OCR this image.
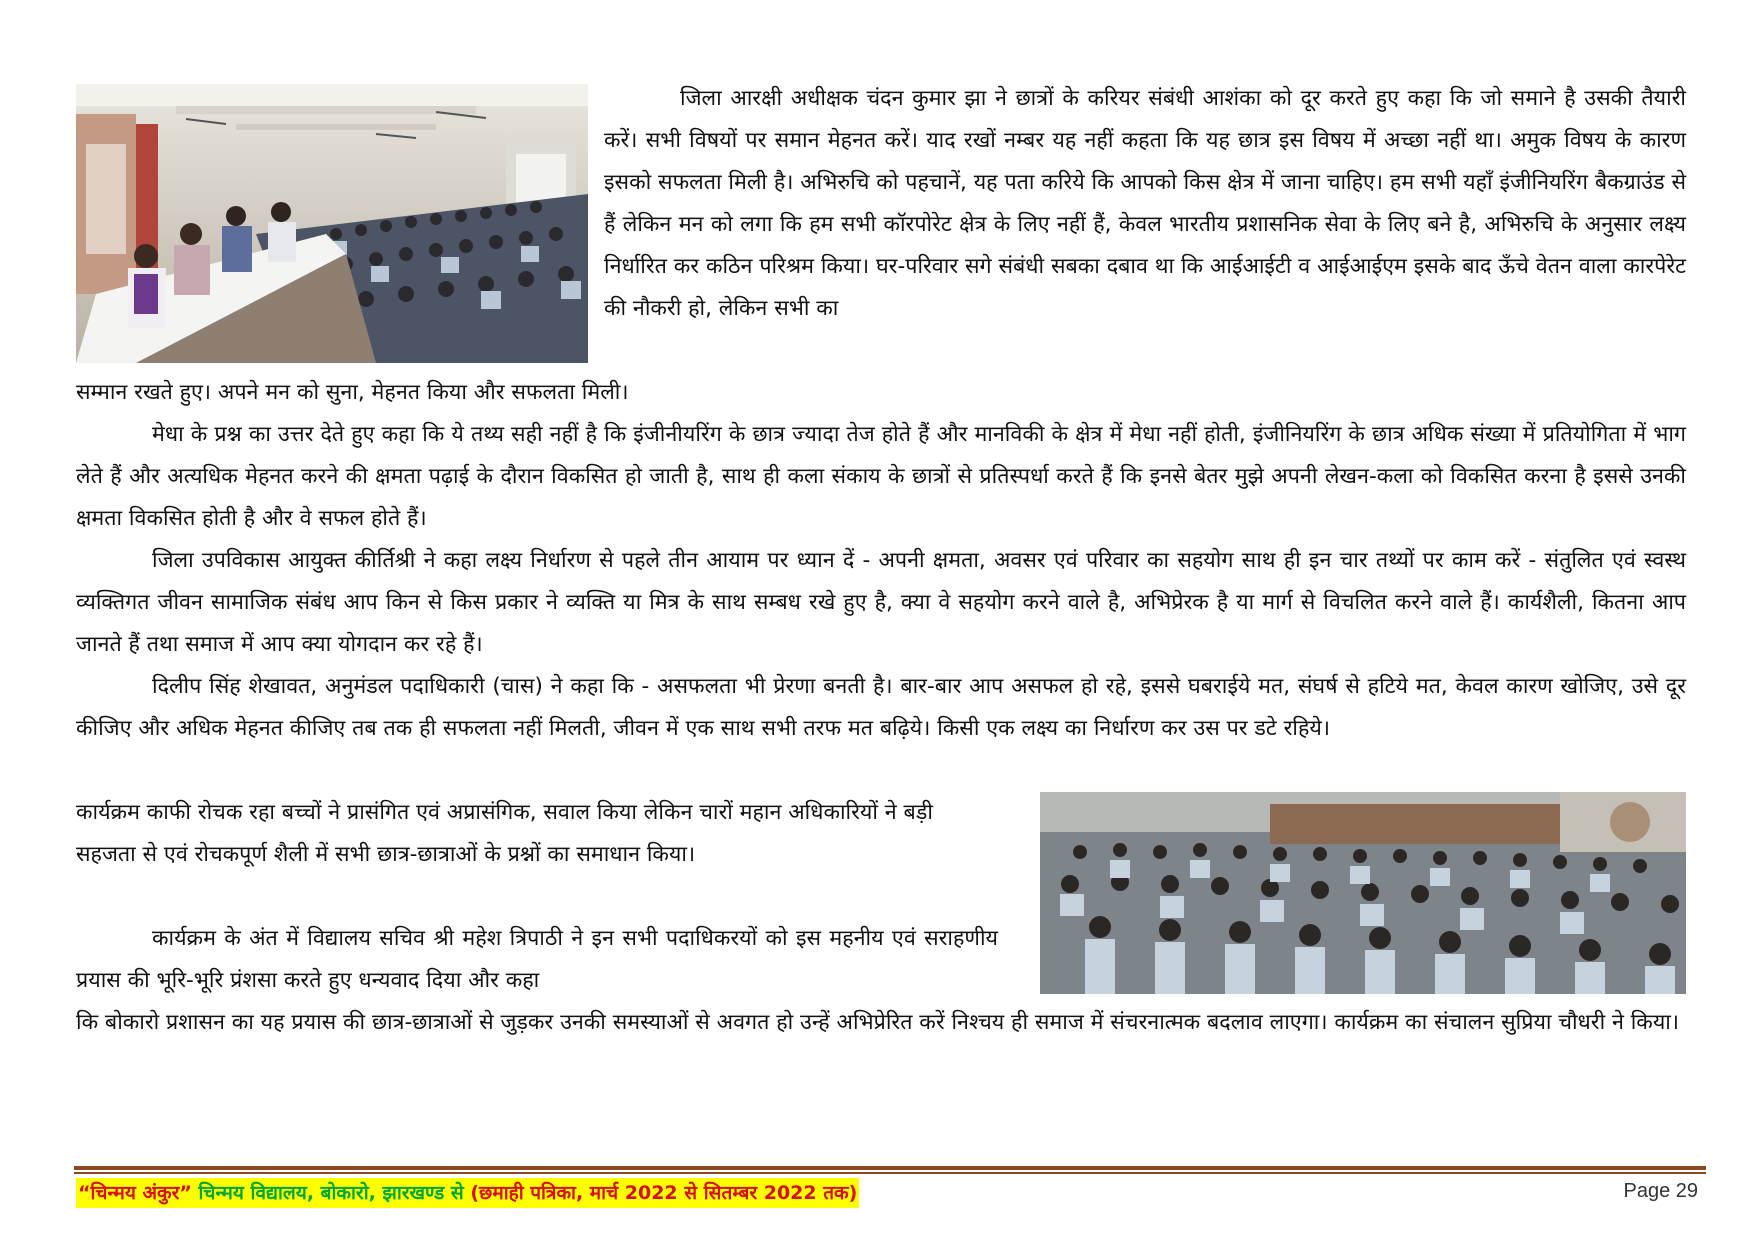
जिला आरक्षी अधीक्षक चंदन कुमार झा ने छात्रों के करियर संबंधी आशंका को दूर करते हुए कहा कि जो समाने है उसकी तैयारी करें। सभी विषयों पर समान मेहनत करें। याद रखों नम्बर यह नहीं कहता कि यह छात्र इस विषय में अच्छा नहीं था। अमुक विषय के कारण इसको सफलता मिली है। अभिरुचि को पहचानें, यह पता करिये कि आपको किस क्षेत्र में जाना चाहिए। हम सभी यहाँ इंजीनियरिंग बैकग्राउंड से हैं लेकिन मन को लगा कि हम सभी कॉरपोरेट क्षेत्र के लिए नहीं हैं, केवल भारतीय प्रशासनिक सेवा के लिए बने है, अभिरुचि के अनुसार लक्ष्य निर्धारित कर कठिन परिश्रम किया। घर-परिवार सगे संबंधी सबका दबाव था कि आईआईटी व आईआईएम इसके बाद ऊँचे वेतन वाला कारपेरेट की नौकरी हो, लेकिन सभी का

सम्मान रखते हुए। अपने मन को सुना, मेहनत किया और सफलता मिली।

मेधा के प्रश्न का उत्तर देते हुए कहा कि ये तथ्य सही नहीं है कि इंजीनीयरिंग के छात्र ज्यादा तेज होते हैं और मानविकी के क्षेत्र में मेधा नहीं होती, इंजीनियरिंग के छात्र अधिक संख्या में प्रतियोगिता में भाग लेते हैं और अत्यधिक मेहनत करने की क्षमता पढ़ाई के दौरान विकसित हो जाती है, साथ ही कला संकाय के छात्रों से प्रतिस्पर्धा करते हैं कि इनसे बेतर मुझे अपनी लेखन-कला को विकसित करना है इससे उनकी क्षमता विकसित होती है और वे सफल होते हैं।

जिला उपविकास आयुक्त कीर्तिश्री ने कहा लक्ष्य निर्धारण से पहले तीन आयाम पर ध्यान दें - अपनी क्षमता, अवसर एवं परिवार का सहयोग साथ ही इन चार तथ्यों पर काम करें - संतुलित एवं स्वस्थ व्यक्तिगत जीवन सामाजिक संबंध आप किन से किस प्रकार ने व्यक्ति या मित्र के साथ सम्बध रखे हुए है, क्या वे सहयोग करने वाले है, अभिप्रेरक है या मार्ग से विचलित करने वाले हैं। कार्यशैली, कितना आप जानते हैं तथा समाज में आप क्या योगदान कर रहे हैं।

दिलीप सिंह शेखावत, अनुमंडल पदाधिकारी (चास) ने कहा कि - असफलता भी प्रेरणा बनती है। बार-बार आप असफल हो रहे, इससे घबराईये मत, संघर्ष से हटिये मत, केवल कारण खोजिए, उसे दूर कीजिए और अधिक मेहनत कीजिए तब तक ही सफलता नहीं मिलती, जीवन में एक साथ सभी तरफ मत बढ़िये। किसी एक लक्ष्य का निर्धारण कर उस पर डटे रहिये।

कार्यक्रम काफी रोचक रहा बच्चों ने प्रासंगित एवं अप्रासंगिक, सवाल किया लेकिन चारों महान अधिकारियों ने बड़ी सहजता से एवं रोचकपूर्ण शैली में सभी छात्र-छात्राओं के प्रश्नों का समाधान किया।

कार्यक्रम के अंत में विद्यालय सचिव श्री महेश त्रिपाठी ने इन सभी पदाधिकरयों को इस महनीय एवं सराहणीय प्रयास की भूरि-भूरि प्रंशसा करते हुए धन्यवाद दिया और कहा

कि बोकारो प्रशासन का यह प्रयास की छात्र-छात्राओं से जुड़कर उनकी समस्याओं से अवगत हो उन्हें अभिप्रेरित करें निश्चय ही समाज में संचरनात्मक बदलाव लाएगा। कार्यक्रम का संचालन सुप्रिया चौधरी ने किया।

“चिन्मय अंकुर” चिन्मय विद्यालय, बोकारो, झारखण्ड से (छमाही पत्रिका, मार्च 2022 से सितम्बर 2022 तक)	Page 29
